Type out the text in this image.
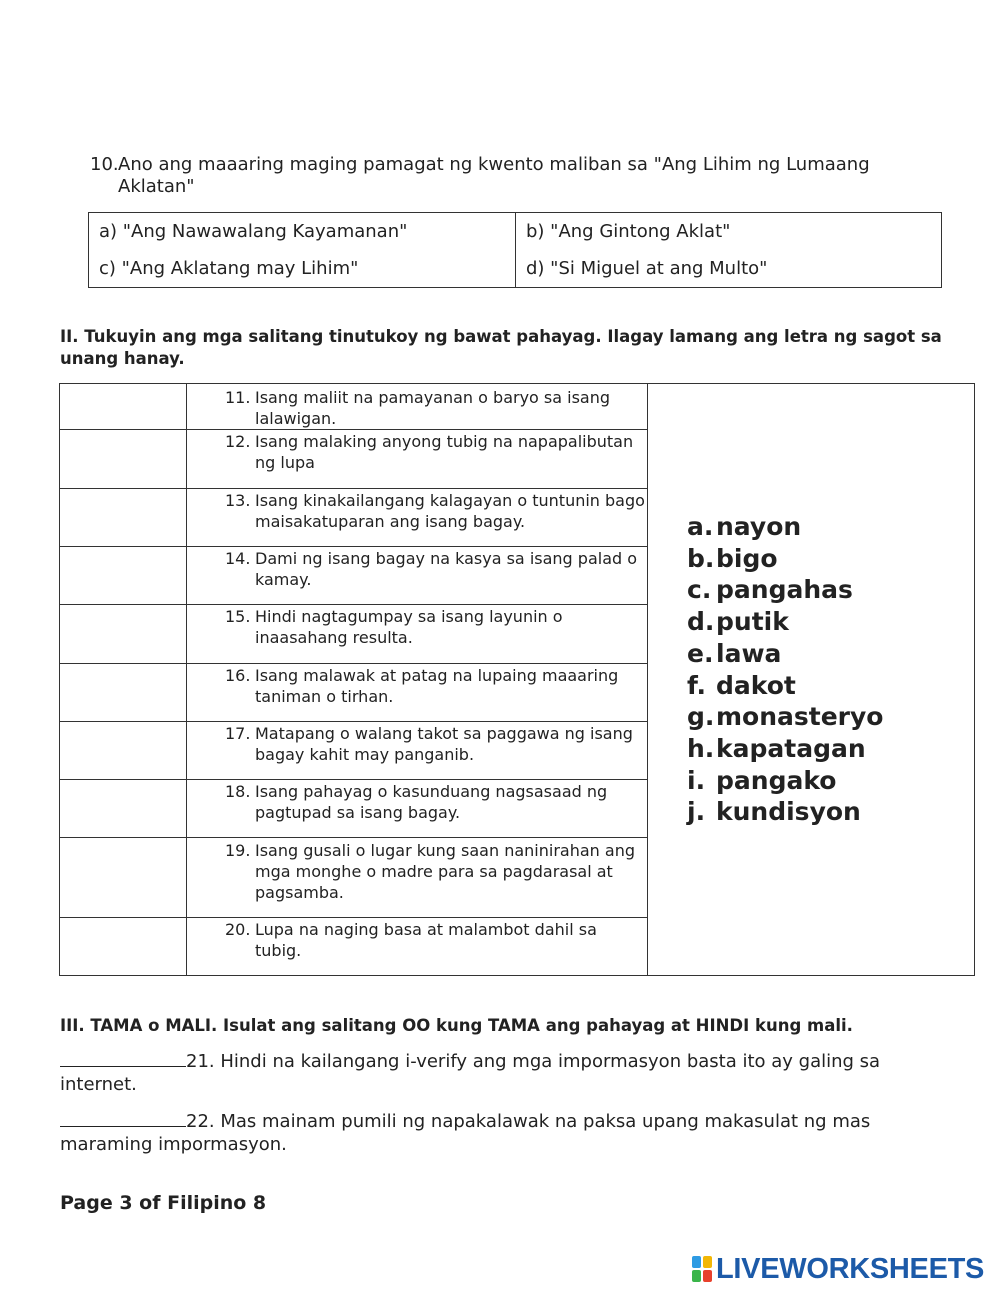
10. Ano ang maaaring maging pamagat ng kwento maliban sa "Ang Lihim ng Lumaang Aklatan"
a) "Ang Nawawalang Kayamanan"	b) "Ang Gintong Aklat"
c) "Ang Aklatang may Lihim"	d) "Si Miguel at ang Multo"
II. Tukuyin ang mga salitang tinutukoy ng bawat pahayag. Ilagay lamang ang letra ng sagot sa unang hanay.
11. Isang maliit na pamayanan o baryo sa isang lalawigan.
12. Isang malaking anyong tubig na napapalibutan ng lupa
13. Isang kinakailangang kalagayan o tuntunin bago maisakatuparan ang isang bagay.
14. Dami ng isang bagay na kasya sa isang palad o kamay.
15. Hindi nagtagumpay sa isang layunin o inaasahang resulta.
16. Isang malawak at patag na lupaing maaaring taniman o tirhan.
17. Matapang o walang takot sa paggawa ng isang bagay kahit may panganib.
18. Isang pahayag o kasunduang nagsasaad ng pagtupad sa isang bagay.
19. Isang gusali o lugar kung saan naninirahan ang mga monghe o madre para sa pagdarasal at pagsamba.
20. Lupa na naging basa at malambot dahil sa tubig.
a. nayon
b. bigo
c. pangahas
d. putik
e. lawa
f. dakot
g. monasteryo
h. kapatagan
i. pangako
j. kundisyon
III. TAMA o MALI. Isulat ang salitang OO kung TAMA ang pahayag at HINDI kung mali.
21. Hindi na kailangang i-verify ang mga impormasyon basta ito ay galing sa internet.
22. Mas mainam pumili ng napakalawak na paksa upang makasulat ng mas maraming impormasyon.
Page 3 of Filipino 8
LIVEWORKSHEETS
